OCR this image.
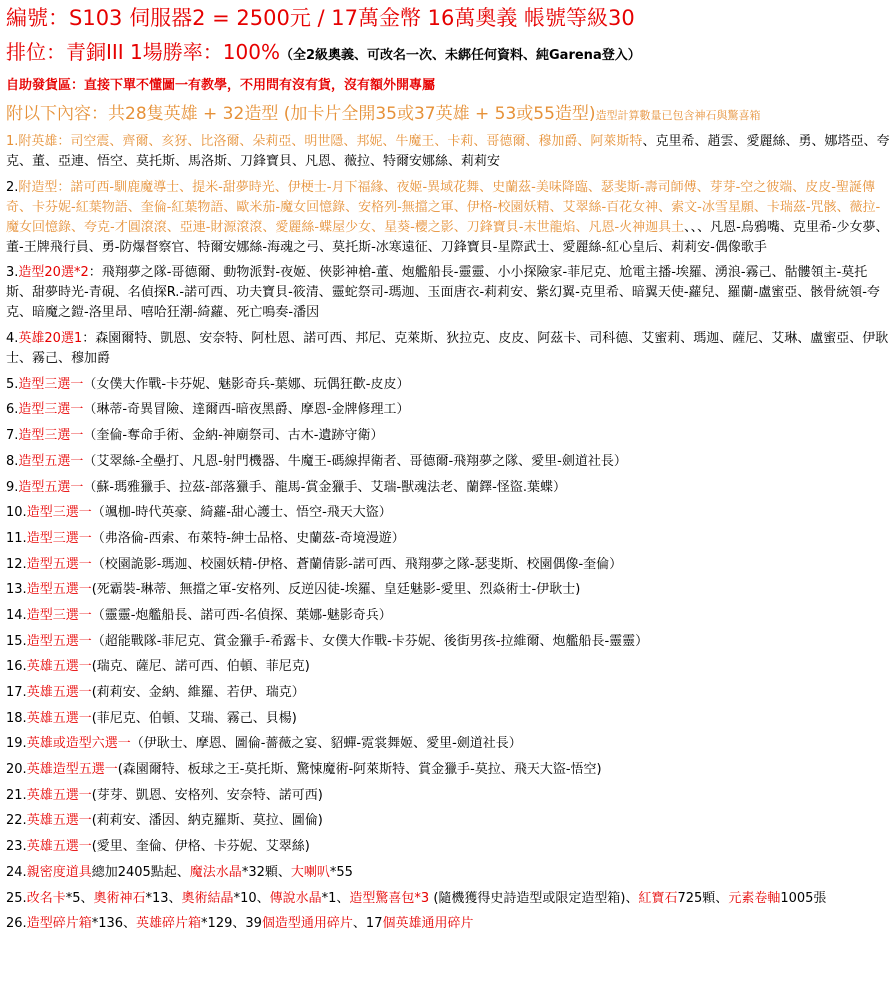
編號：S103 伺服器2 = 2500元 / 17萬金幣 16萬奧義 帳號等級30
排位：青銅III 1場勝率：100%（全2級奧義、可改名一次、未綁任何資料、純Garena登入）
自助發貨區：直接下單不懂圖一有教學，不用問有沒有貨，沒有額外開專屬
附以下內容：共28隻英雄 + 32造型 (加卡片全開35或37英雄 + 53或55造型)造型計算數量已包含神石與驚喜箱
1.附英雄：司空震、齊爾、亥犽、比洛爾、朵莉亞、明世隱、邦妮、牛魔王、卡莉、哥德爾、穆加爵、阿萊斯特、克里希、趙雲、愛麗絲、勇、娜塔亞、夸克、董、亞連、悟空、莫托斯、馬洛斯、刀鋒寶貝、凡恩、薇拉、特爾安娜絲、莉莉安
2.附造型：諾可西-馴鹿魔導士、提米-甜夢時光、伊梗士-月下福緣、夜姬-異域花舞、史蘭茲-美味降臨、瑟斐斯-壽司師傅、芽芽-空之彼端、皮皮-聖誕傳奇、卡芬妮-紅葉物語、奎倫-紅葉物語、歐米茄-魔女回憶錄、安格列-無擋之軍、伊格-校園妖精、艾翠絲-百花女神、索文-冰雪星願、卡瑞茲-咒骸、薇拉-魔女回憶錄、夸克-才圓滾滾、亞連-財源滾滾、愛麗絲-蝶屋少女、星葵-櫻之影、刀鋒寶貝-末世龍焰、凡恩-火神迦具土、、、凡恩-烏鴉嘴、克里希-少女夢、董-王牌飛行員、勇-防爆督察官、特爾安娜絲-海魂之弓、莫托斯-冰寒遠征、刀鋒寶貝-星際武士、愛麗絲-紅心皇后、莉莉安-偶像歌手
3.造型20選*2：飛翔夢之隊-哥德爾、動物派對-夜姬、俠影神槍-董、炮艦船長-靈靈、小小探險家-菲尼克、尬電主播-埃羅、湧浪-霧己、骷髏領主-莫托斯、甜夢時光-青硯、名偵探R.-諾可西、功夫寶貝-筱清、靈蛇祭司-瑪迦、玉面唐衣-莉莉安、紫幻翼-克里希、暗翼天使-蘿兒、羅蘭-盧蜜亞、骸骨統領-夸克、暗魔之鎧-洛里昂、嘻哈狂潮-綺蘿、死亡鳴奏-潘因
4.英雄20選1：森園爾特、凱恩、安奈特、阿杜恩、諾可西、邦尼、克萊斯、狄拉克、皮皮、阿茲卡、司科德、艾蜜莉、瑪迦、薩尼、艾琳、盧蜜亞、伊耿士、霧己、穆加爵
5.造型三選一（女僕大作戰-卡芬妮、魅影奇兵-葉娜、玩偶狂歡-皮皮）
6.造型三選一（琳蒂-奇異冒險、達爾西-暗夜黑爵、摩恩-金牌修理工）
7.造型三選一（奎倫-奪命手術、金納-神廟祭司、古木-遺跡守衛）
8.造型五選一（艾翠絲-全壘打、凡恩-射門機器、牛魔王-碼線捍衛者、哥德爾-飛翔夢之隊、愛里-劍道社長）
9.造型五選一（蘇-瑪雅獵手、拉茲-部落獵手、龍馬-賞金獵手、艾瑞-獸魂法老、蘭鐸-怪盜.葉蝶）
10.造型三選一（颯枷-時代英豪、綺蘿-甜心護士、悟空-飛天大盜）
11.造型三選一（弗洛倫-西索、布萊特-紳士品格、史蘭茲-奇境漫遊）
12.造型五選一（校園詭影-瑪迦、校園妖精-伊格、蒼蘭倩影-諾可西、飛翔夢之隊-瑟斐斯、校園偶像-奎倫）
13.造型五選一(死霸裝-琳蒂、無擋之軍-安格列、反逆囚徒-埃羅、皇廷魅影-愛里、烈焱術士-伊耿士)
14.造型三選一（靈靈-炮艦船長、諾可西-名偵探、葉娜-魅影奇兵）
15.造型五選一（超能戰隊-菲尼克、賞金獵手-希露卡、女僕大作戰-卡芬妮、後街男孩-拉維爾、炮艦船長-靈靈）
16.英雄五選一(瑞克、薩尼、諾可西、伯頓、菲尼克)
17.英雄五選一(莉莉安、金納、維羅、若伊、瑞克）
18.英雄五選一(菲尼克、伯頓、艾瑞、霧己、貝楊)
19.英雄或造型六選一（伊耿士、摩恩、圖倫-薔薇之宴、貂蟬-霓裳舞姬、愛里-劍道社長）
20.英雄造型五選一(森園爾特、板球之王-莫托斯、驚悚魔術-阿萊斯特、賞金獵手-莫拉、飛天大盜-悟空)
21.英雄五選一(芽芽、凱恩、安格列、安奈特、諾可西)
22.英雄五選一(莉莉安、潘因、納克羅斯、莫拉、圖倫)
23.英雄五選一(愛里、奎倫、伊格、卡芬妮、艾翠絲)
24.親密度道具總加2405點起、魔法水晶*32顆、大喇叭*55
25.改名卡*5、奧術神石*13、奧術結晶*10、傳說水晶*1、造型驚喜包*3 (隨機獲得史詩造型或限定造型箱)、紅寶石725顆、元素卷軸1005張
26.造型碎片箱*136、英雄碎片箱*129、39個造型通用碎片、17個英雄通用碎片
